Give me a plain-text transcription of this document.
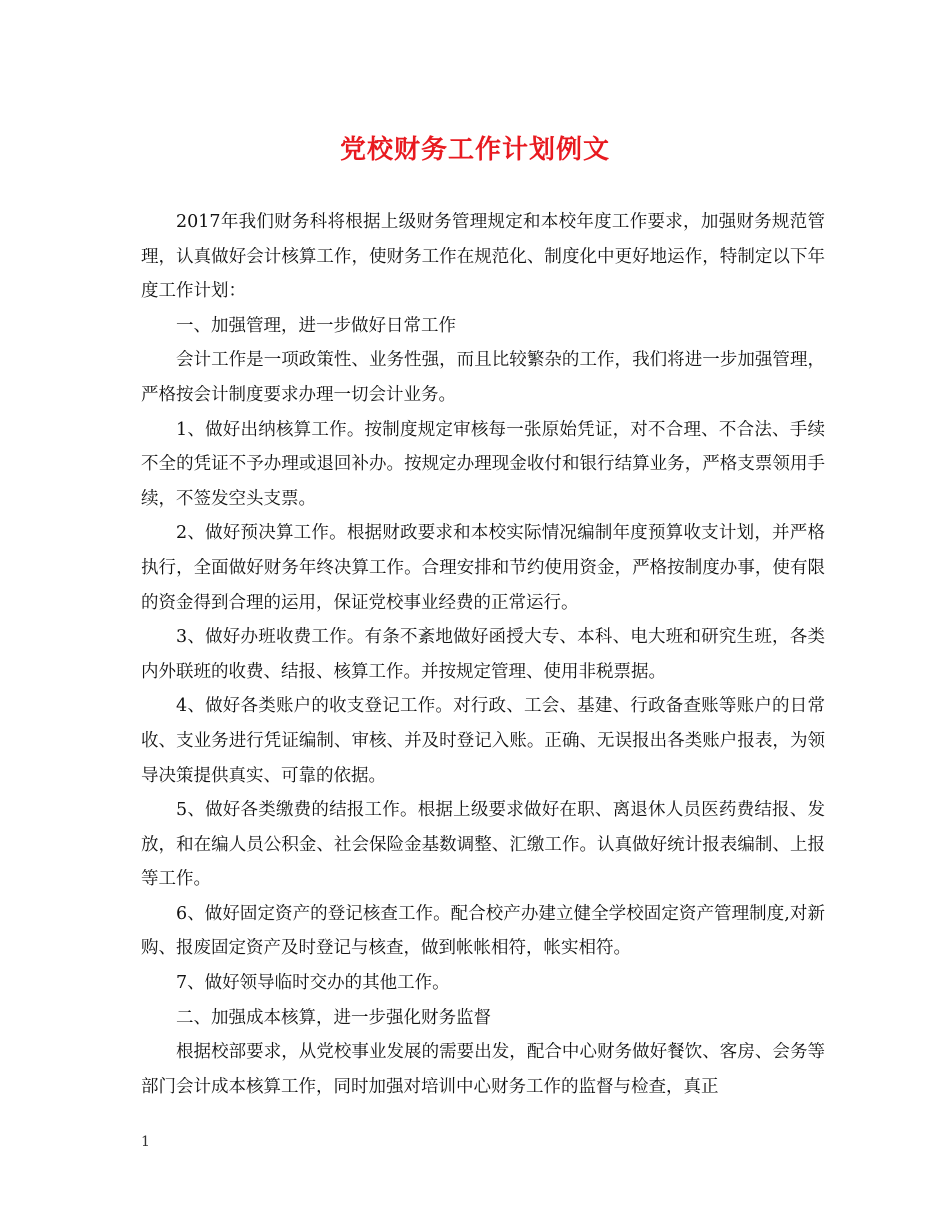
党校财务工作计划例文

2017年我们财务科将根据上级财务管理规定和本校年度工作要求，加强财务规范管理，认真做好会计核算工作，使财务工作在规范化、制度化中更好地运作，特制定以下年度工作计划：

一、加强管理，进一步做好日常工作

会计工作是一项政策性、业务性强，而且比较繁杂的工作，我们将进一步加强管理，严格按会计制度要求办理一切会计业务。

1、做好出纳核算工作。按制度规定审核每一张原始凭证，对不合理、不合法、手续不全的凭证不予办理或退回补办。按规定办理现金收付和银行结算业务，严格支票领用手续，不签发空头支票。

2、做好预决算工作。根据财政要求和本校实际情况编制年度预算收支计划，并严格执行，全面做好财务年终决算工作。合理安排和节约使用资金，严格按制度办事，使有限的资金得到合理的运用，保证党校事业经费的正常运行。

3、做好办班收费工作。有条不紊地做好函授大专、本科、电大班和研究生班，各类内外联班的收费、结报、核算工作。并按规定管理、使用非税票据。

4、做好各类账户的收支登记工作。对行政、工会、基建、行政备查账等账户的日常收、支业务进行凭证编制、审核、并及时登记入账。正确、无误报出各类账户报表，为领导决策提供真实、可靠的依据。

5、做好各类缴费的结报工作。根据上级要求做好在职、离退休人员医药费结报、发放，和在编人员公积金、社会保险金基数调整、汇缴工作。认真做好统计报表编制、上报等工作。

6、做好固定资产的登记核查工作。配合校产办建立健全学校固定资产管理制度,对新购、报废固定资产及时登记与核查，做到帐帐相符，帐实相符。

7、做好领导临时交办的其他工作。

二、加强成本核算，进一步强化财务监督

根据校部要求，从党校事业发展的需要出发，配合中心财务做好餐饮、客房、会务等部门会计成本核算工作，同时加强对培训中心财务工作的监督与检查，真正

1
